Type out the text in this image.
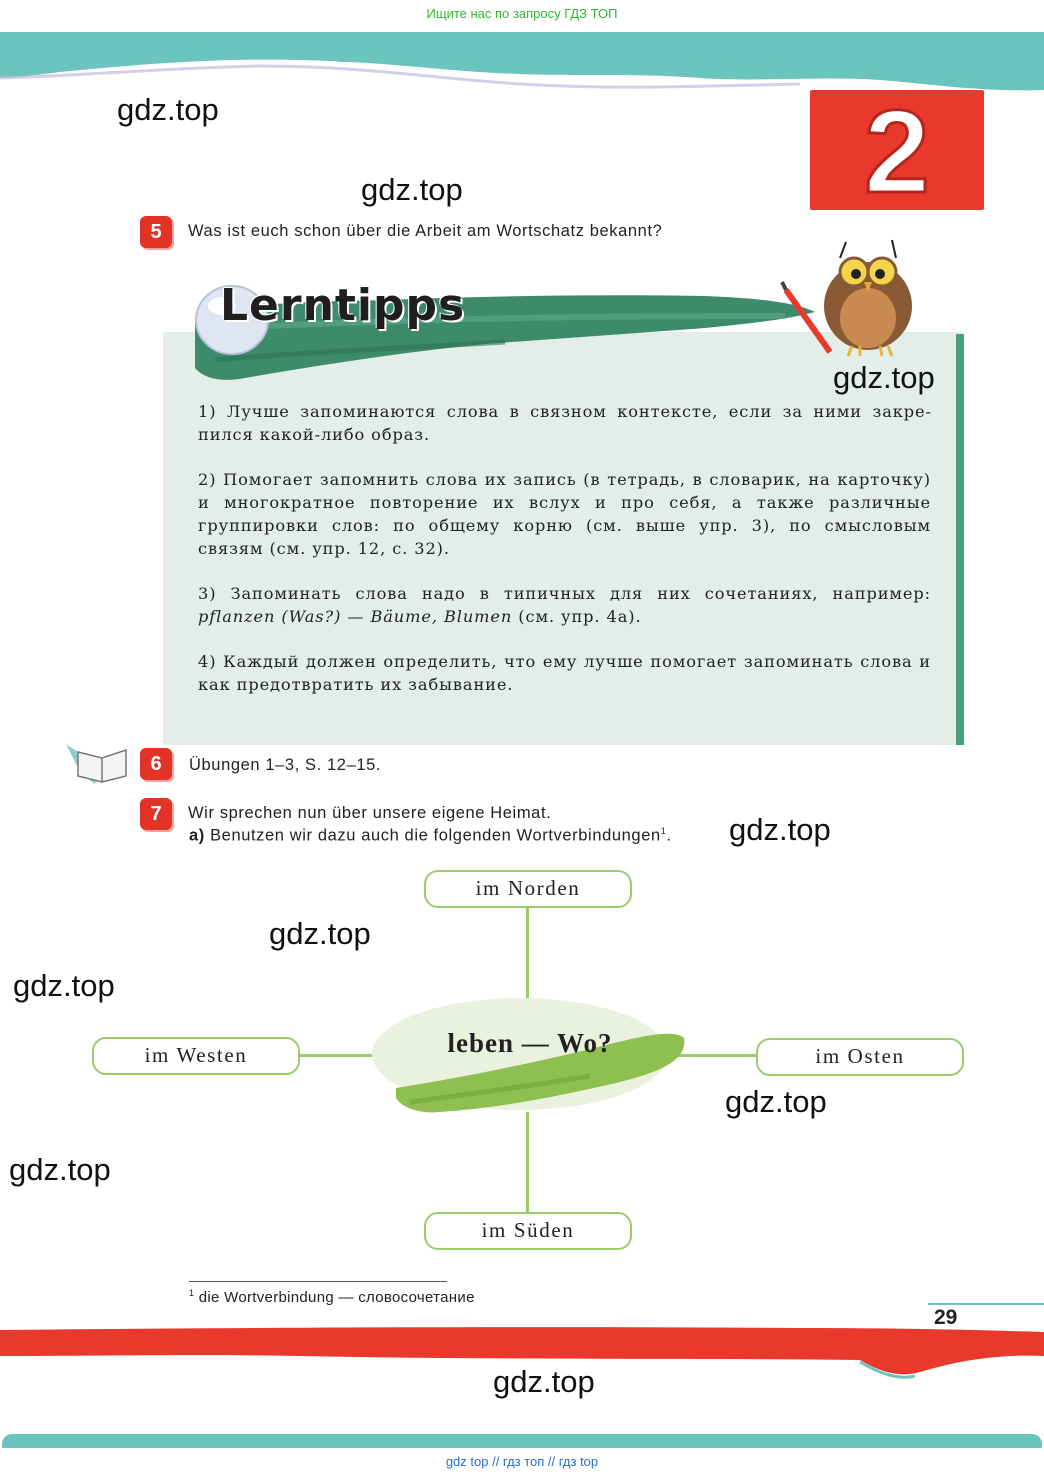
Ищите нас по запросу ГДЗ ТОП
2
5	Was ist euch schon über die Arbeit am Wortschatz bekannt?
Lerntipps
1) Лучше запоминаются слова в связном контексте, если за ними закрепился какой-либо образ.
2) Помогает запомнить слова их запись (в тетрадь, в словарик, на карточку) и многократное повторение их вслух и про себя, а также различные группировки слов: по общему корню (см. выше упр. 3), по смысловым связям (см. упр. 12, с. 32).
3) Запоминать слова надо в типичных для них сочетаниях, например: pflanzen (Was?) — Bäume, Blumen (см. упр. 4а).
4) Каждый должен определить, что ему лучше помогает запоминать слова и как предотвратить их забывание.
6	Übungen 1–3, S. 12–15.
7	Wir sprechen nun über unsere eigene Heimat.
a) Benutzen wir dazu auch die folgenden Wortverbindungen$^1$.
leben — Wo?
im Norden
im Westen	im Osten
im Süden
$^1$ die Wortverbindung — словосочетание
29
gdz.top
gdz.top
gdz.top
gdz.top
gdz.top
gdz.top
gdz.top
gdz.top
gdz.top
gdz top // гдз топ // гдз top
